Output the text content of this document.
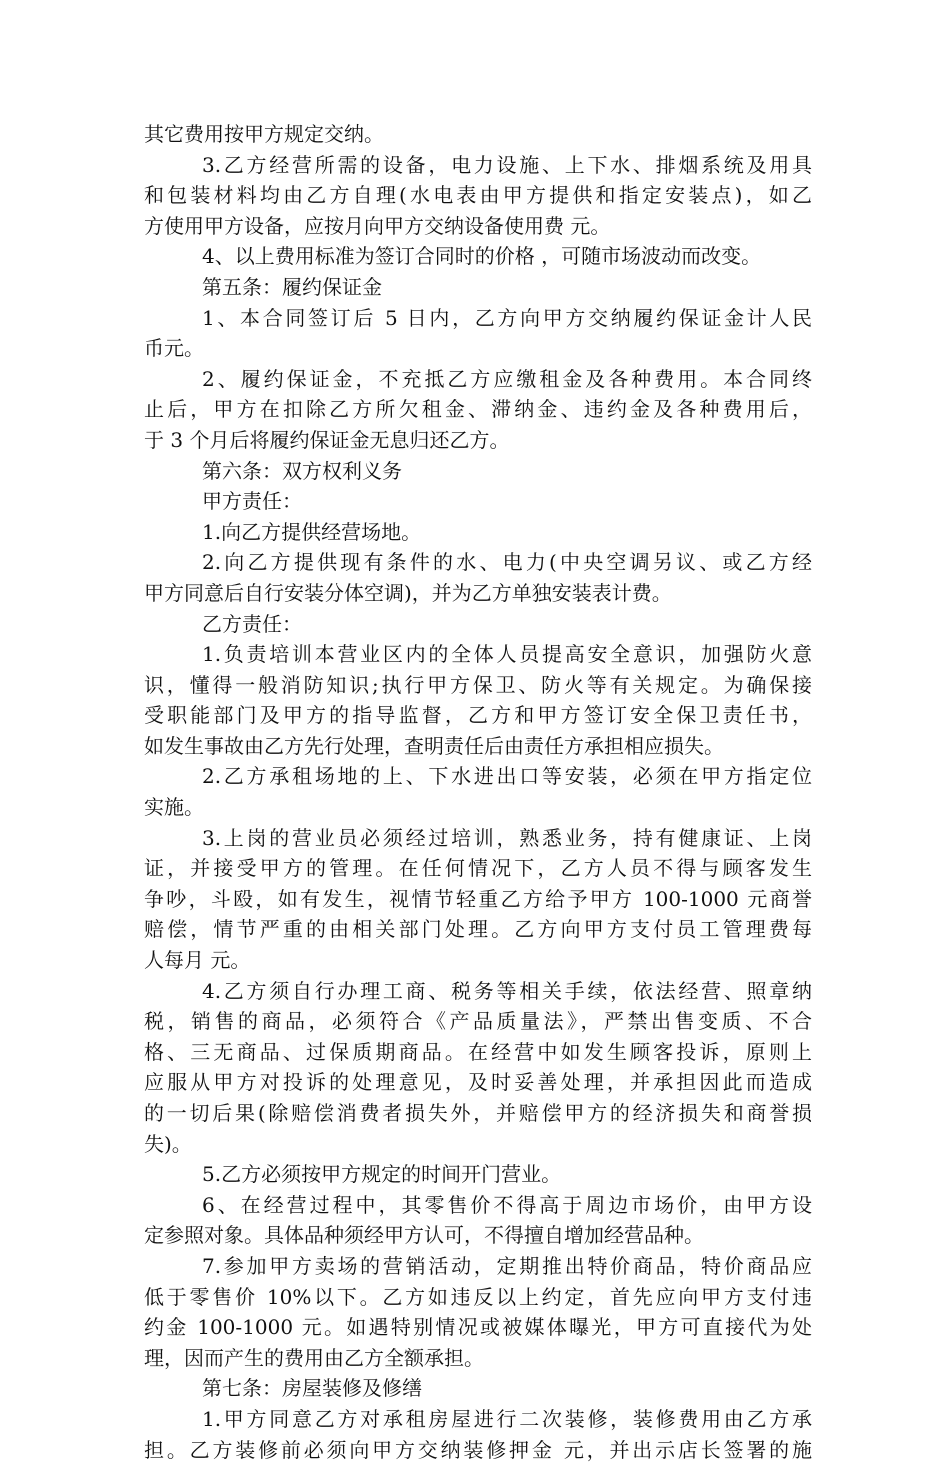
其它费用按甲方规定交纳。
3.乙方经营所需的设备，电力设施、上下水、排烟系统及用具
和包装材料均由乙方自理(水电表由甲方提供和指定安装点)，如乙
方使用甲方设备，应按月向甲方交纳设备使用费 元。
4、以上费用标准为签订合同时的价格 ，可随市场波动而改变。
第五条：履约保证金
1、本合同签订后 5 日内，乙方向甲方交纳履约保证金计人民
币元。
2、履约保证金，不充抵乙方应缴租金及各种费用。本合同终
止后，甲方在扣除乙方所欠租金、滞纳金、违约金及各种费用后，
于 3 个月后将履约保证金无息归还乙方。
第六条：双方权利义务
甲方责任：
1.向乙方提供经营场地。
2.向乙方提供现有条件的水、电力(中央空调另议、或乙方经
甲方同意后自行安装分体空调)，并为乙方单独安装表计费。
乙方责任：
1.负责培训本营业区内的全体人员提高安全意识，加强防火意
识，懂得一般消防知识;执行甲方保卫、防火等有关规定。为确保接
受职能部门及甲方的指导监督，乙方和甲方签订安全保卫责任书，
如发生事故由乙方先行处理，查明责任后由责任方承担相应损失。
2.乙方承租场地的上、下水进出口等安装，必须在甲方指定位
实施。
3.上岗的营业员必须经过培训，熟悉业务，持有健康证、上岗
证，并接受甲方的管理。在任何情况下，乙方人员不得与顾客发生
争吵，斗殴，如有发生，视情节轻重乙方给予甲方 100-1000 元商誉
赔偿，情节严重的由相关部门处理。乙方向甲方支付员工管理费每
人每月 元。
4.乙方须自行办理工商、税务等相关手续，依法经营、照章纳
税，销售的商品，必须符合《产品质量法》，严禁出售变质、不合
格、三无商品、过保质期商品。在经营中如发生顾客投诉，原则上
应服从甲方对投诉的处理意见，及时妥善处理，并承担因此而造成
的一切后果(除赔偿消费者损失外，并赔偿甲方的经济损失和商誉损
失)。
5.乙方必须按甲方规定的时间开门营业。
6、在经营过程中，其零售价不得高于周边市场价，由甲方设
定参照对象。具体品种须经甲方认可，不得擅自增加经营品种。
7.参加甲方卖场的营销活动，定期推出特价商品，特价商品应
低于零售价 10%以下。乙方如违反以上约定，首先应向甲方支付违
约金 100-1000 元。如遇特别情况或被媒体曝光，甲方可直接代为处
理，因而产生的费用由乙方全额承担。
第七条：房屋装修及修缮
1.甲方同意乙方对承租房屋进行二次装修，装修费用由乙方承
担。乙方装修前必须向甲方交纳装修押金 元，并出示店长签署的施
